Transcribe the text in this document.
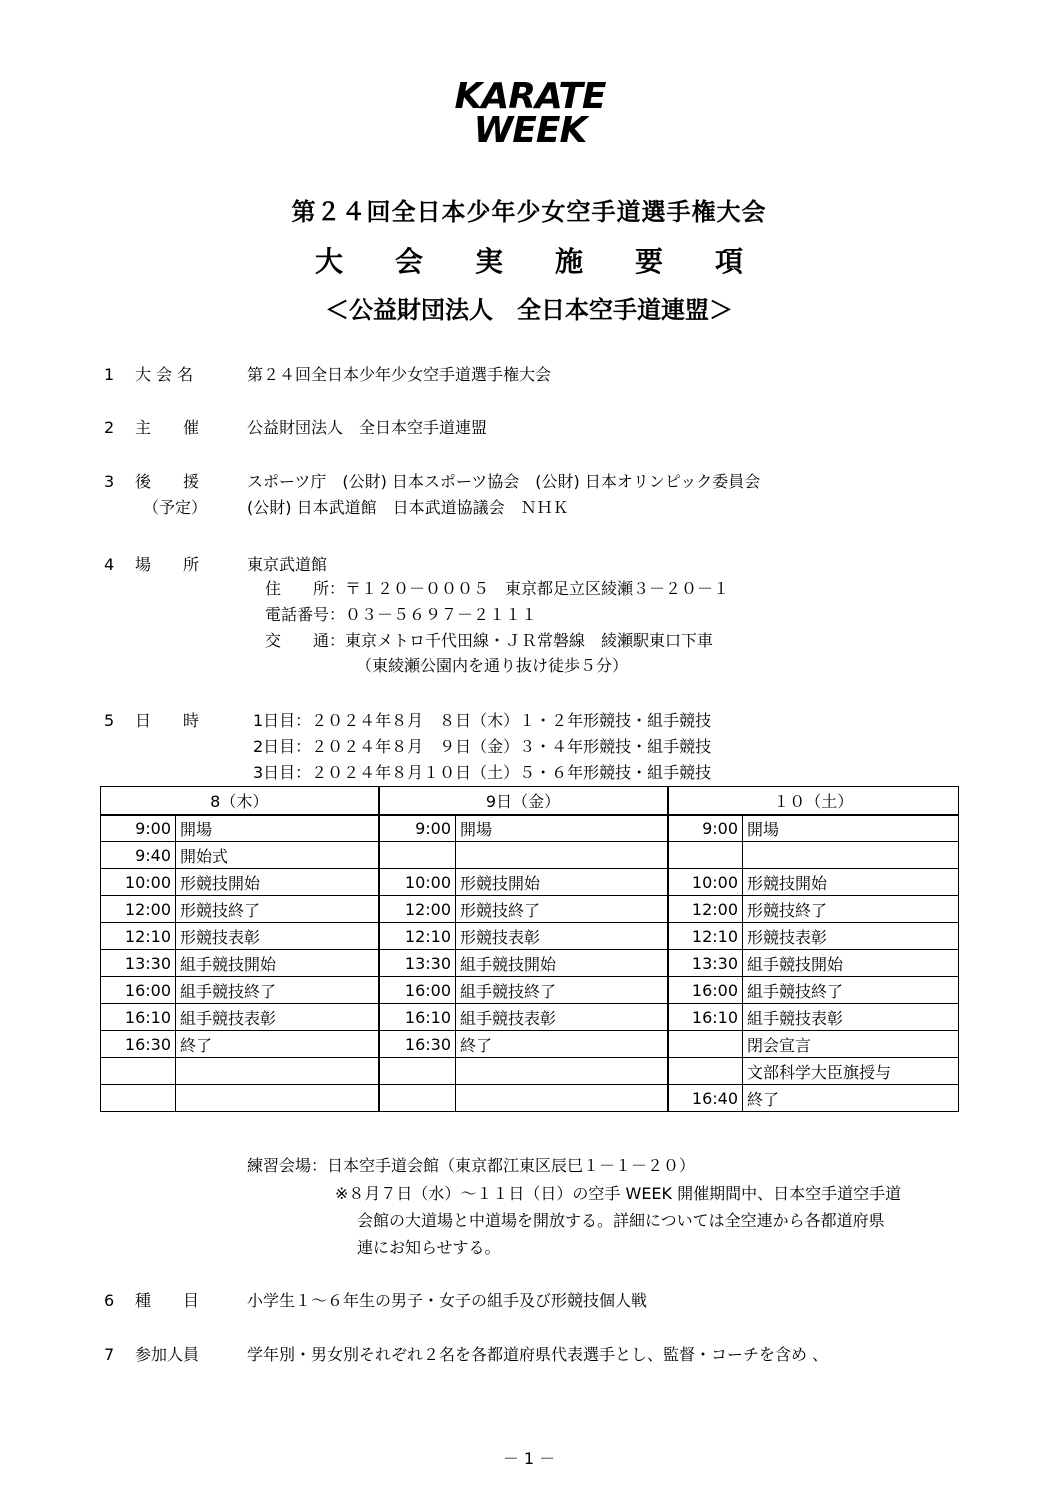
KARATE
WEEK
第２４回全日本少年少女空手道選手権大会
大会実施要項
＜公益財団法人　全日本空手道連盟＞
1 大 会 名	第２４回全日本少年少女空手道選手権大会
2 主　　催	公益財団法人　全日本空手道連盟
3 後　　援
（予定）
スポーツ庁　(公財) 日本スポーツ協会　(公財) 日本オリンピック委員会
(公財) 日本武道館　日本武道協議会　ＮＨＫ
4 場　　所	東京武道館
住　　所：〒１２０－０００５　東京都足立区綾瀬３－２０－１
電話番号：０３－５６９７－２１１１
交　　通：東京メトロ千代田線・ＪＲ常磐線　綾瀬駅東口下車
（東綾瀬公園内を通り抜け徒歩５分）
5 日　　時	1日目：２０２４年８月　８日（木）１・２年形競技・組手競技
2日目：２０２４年８月　９日（金）３・４年形競技・組手競技
3日目：２０２４年８月１０日（土）５・６年形競技・組手競技
8（木）		9日（金）		１０（土）	
9:00	開場	9:00	開場	9:00	開場
9:40	開始式				
10:00	形競技開始	10:00	形競技開始	10:00	形競技開始
12:00	形競技終了	12:00	形競技終了	12:00	形競技終了
12:10	形競技表彰	12:10	形競技表彰	12:10	形競技表彰
13:30	組手競技開始	13:30	組手競技開始	13:30	組手競技開始
16:00	組手競技終了	16:00	組手競技終了	16:00	組手競技終了
16:10	組手競技表彰	16:10	組手競技表彰	16:10	組手競技表彰
16:30	終了	16:30	終了		閉会宣言
					文部科学大臣旗授与
				16:40	終了
練習会場：日本空手道会館（東京都江東区辰巳１－１－２０）
※８月７日（水）～１１日（日）の空手 WEEK 開催期間中、日本空手道空手道
会館の大道場と中道場を開放する。詳細については全空連から各都道府県
連にお知らせする。
6 種　　目	小学生１～６年生の男子・女子の組手及び形競技個人戦
7 参加人員	学年別・男女別それぞれ２名を各都道府県代表選手とし、監督・コーチを含め 、
－ 1 －
